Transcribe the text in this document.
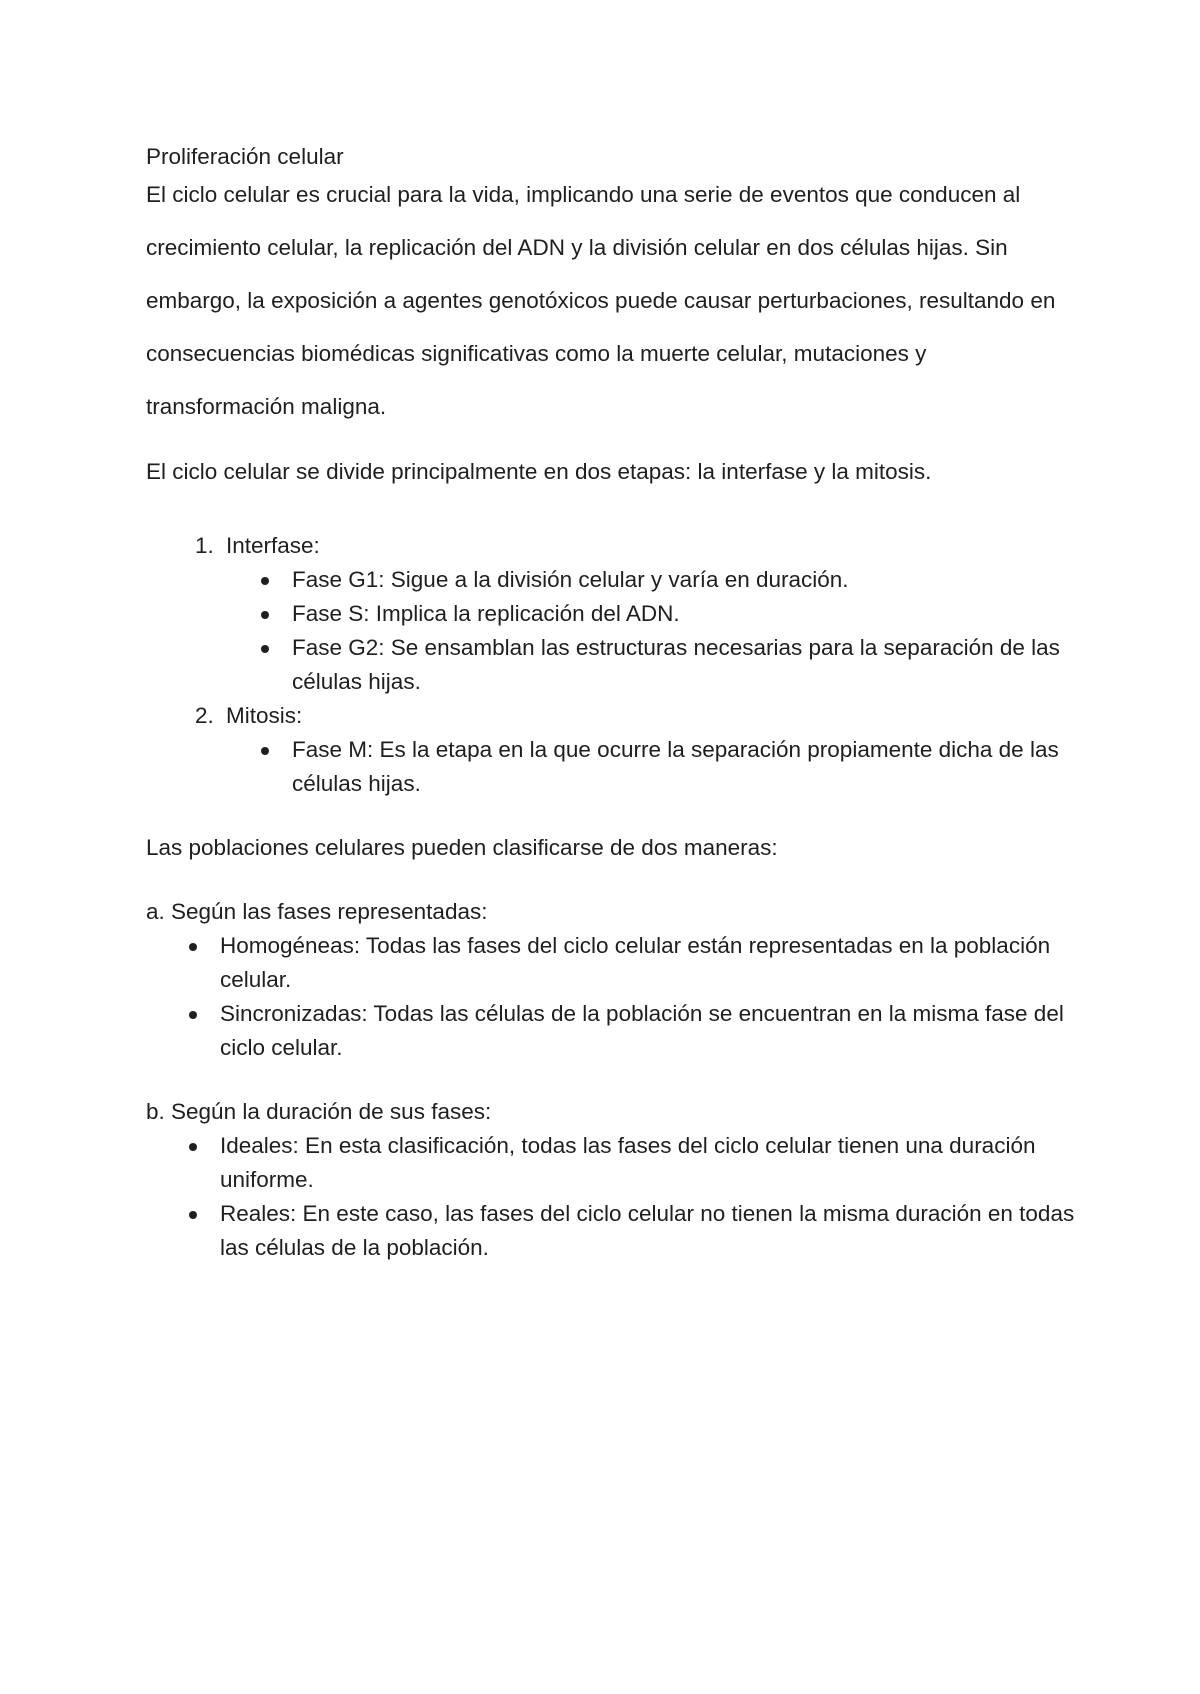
Proliferación celular

El ciclo celular es crucial para la vida, implicando una serie de eventos que conducen al crecimiento celular, la replicación del ADN y la división celular en dos células hijas. Sin embargo, la exposición a agentes genotóxicos puede causar perturbaciones, resultando en consecuencias biomédicas significativas como la muerte celular, mutaciones y transformación maligna.

El ciclo celular se divide principalmente en dos etapas: la interfase y la mitosis.

1. Interfase:
Fase G1: Sigue a la división celular y varía en duración.
Fase S: Implica la replicación del ADN.
Fase G2: Se ensamblan las estructuras necesarias para la separación de las células hijas.
2. Mitosis:
Fase M: Es la etapa en la que ocurre la separación propiamente dicha de las células hijas.

Las poblaciones celulares pueden clasificarse de dos maneras:

a. Según las fases representadas:

Homogéneas: Todas las fases del ciclo celular están representadas en la población celular.
Sincronizadas: Todas las células de la población se encuentran en la misma fase del ciclo celular.

b. Según la duración de sus fases:

Ideales: En esta clasificación, todas las fases del ciclo celular tienen una duración uniforme.
Reales: En este caso, las fases del ciclo celular no tienen la misma duración en todas las células de la población.
